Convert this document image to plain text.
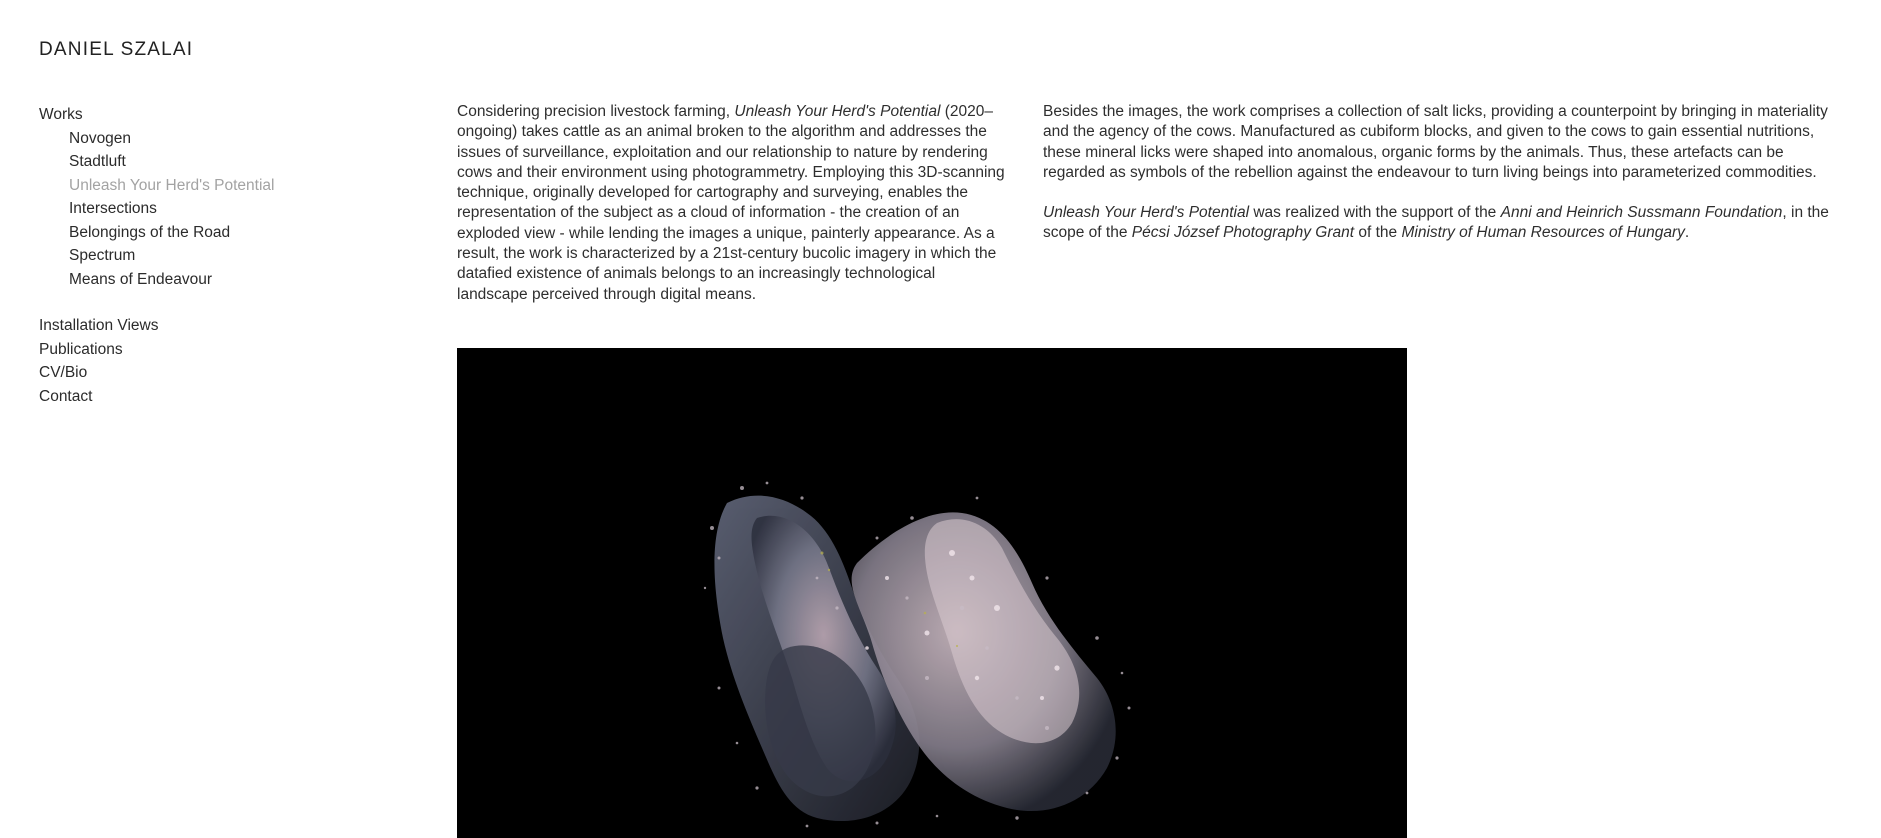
DANIEL SZALAI
Works
Novogen
Stadtluft
Unleash Your Herd's Potential
Intersections
Belongings of the Road
Spectrum
Means of Endeavour
Installation Views
Publications
CV/Bio
Contact

Considering precision livestock farming, Unleash Your Herd's Potential (2020–ongoing) takes cattle as an animal broken to the algorithm and addresses the issues of surveillance, exploitation and our relationship to nature by rendering cows and their environment using photogrammetry. Employing this 3D-scanning technique, originally developed for cartography and surveying, enables the representation of the subject as a cloud of information - the creation of an exploded view - while lending the images a unique, painterly appearance. As a result, the work is characterized by a 21st-century bucolic imagery in which the datafied existence of animals belongs to an increasingly technological landscape perceived through digital means.

Besides the images, the work comprises a collection of salt licks, providing a counterpoint by bringing in materiality and the agency of the cows. Manufactured as cubiform blocks, and given to the cows to gain essential nutritions, these mineral licks were shaped into anomalous, organic forms by the animals. Thus, these artefacts can be regarded as symbols of the rebellion against the endeavour to turn living beings into parameterized commodities.

Unleash Your Herd's Potential was realized with the support of the Anni and Heinrich Sussmann Foundation, in the scope of the Pécsi József Photography Grant of the Ministry of Human Resources of Hungary.
